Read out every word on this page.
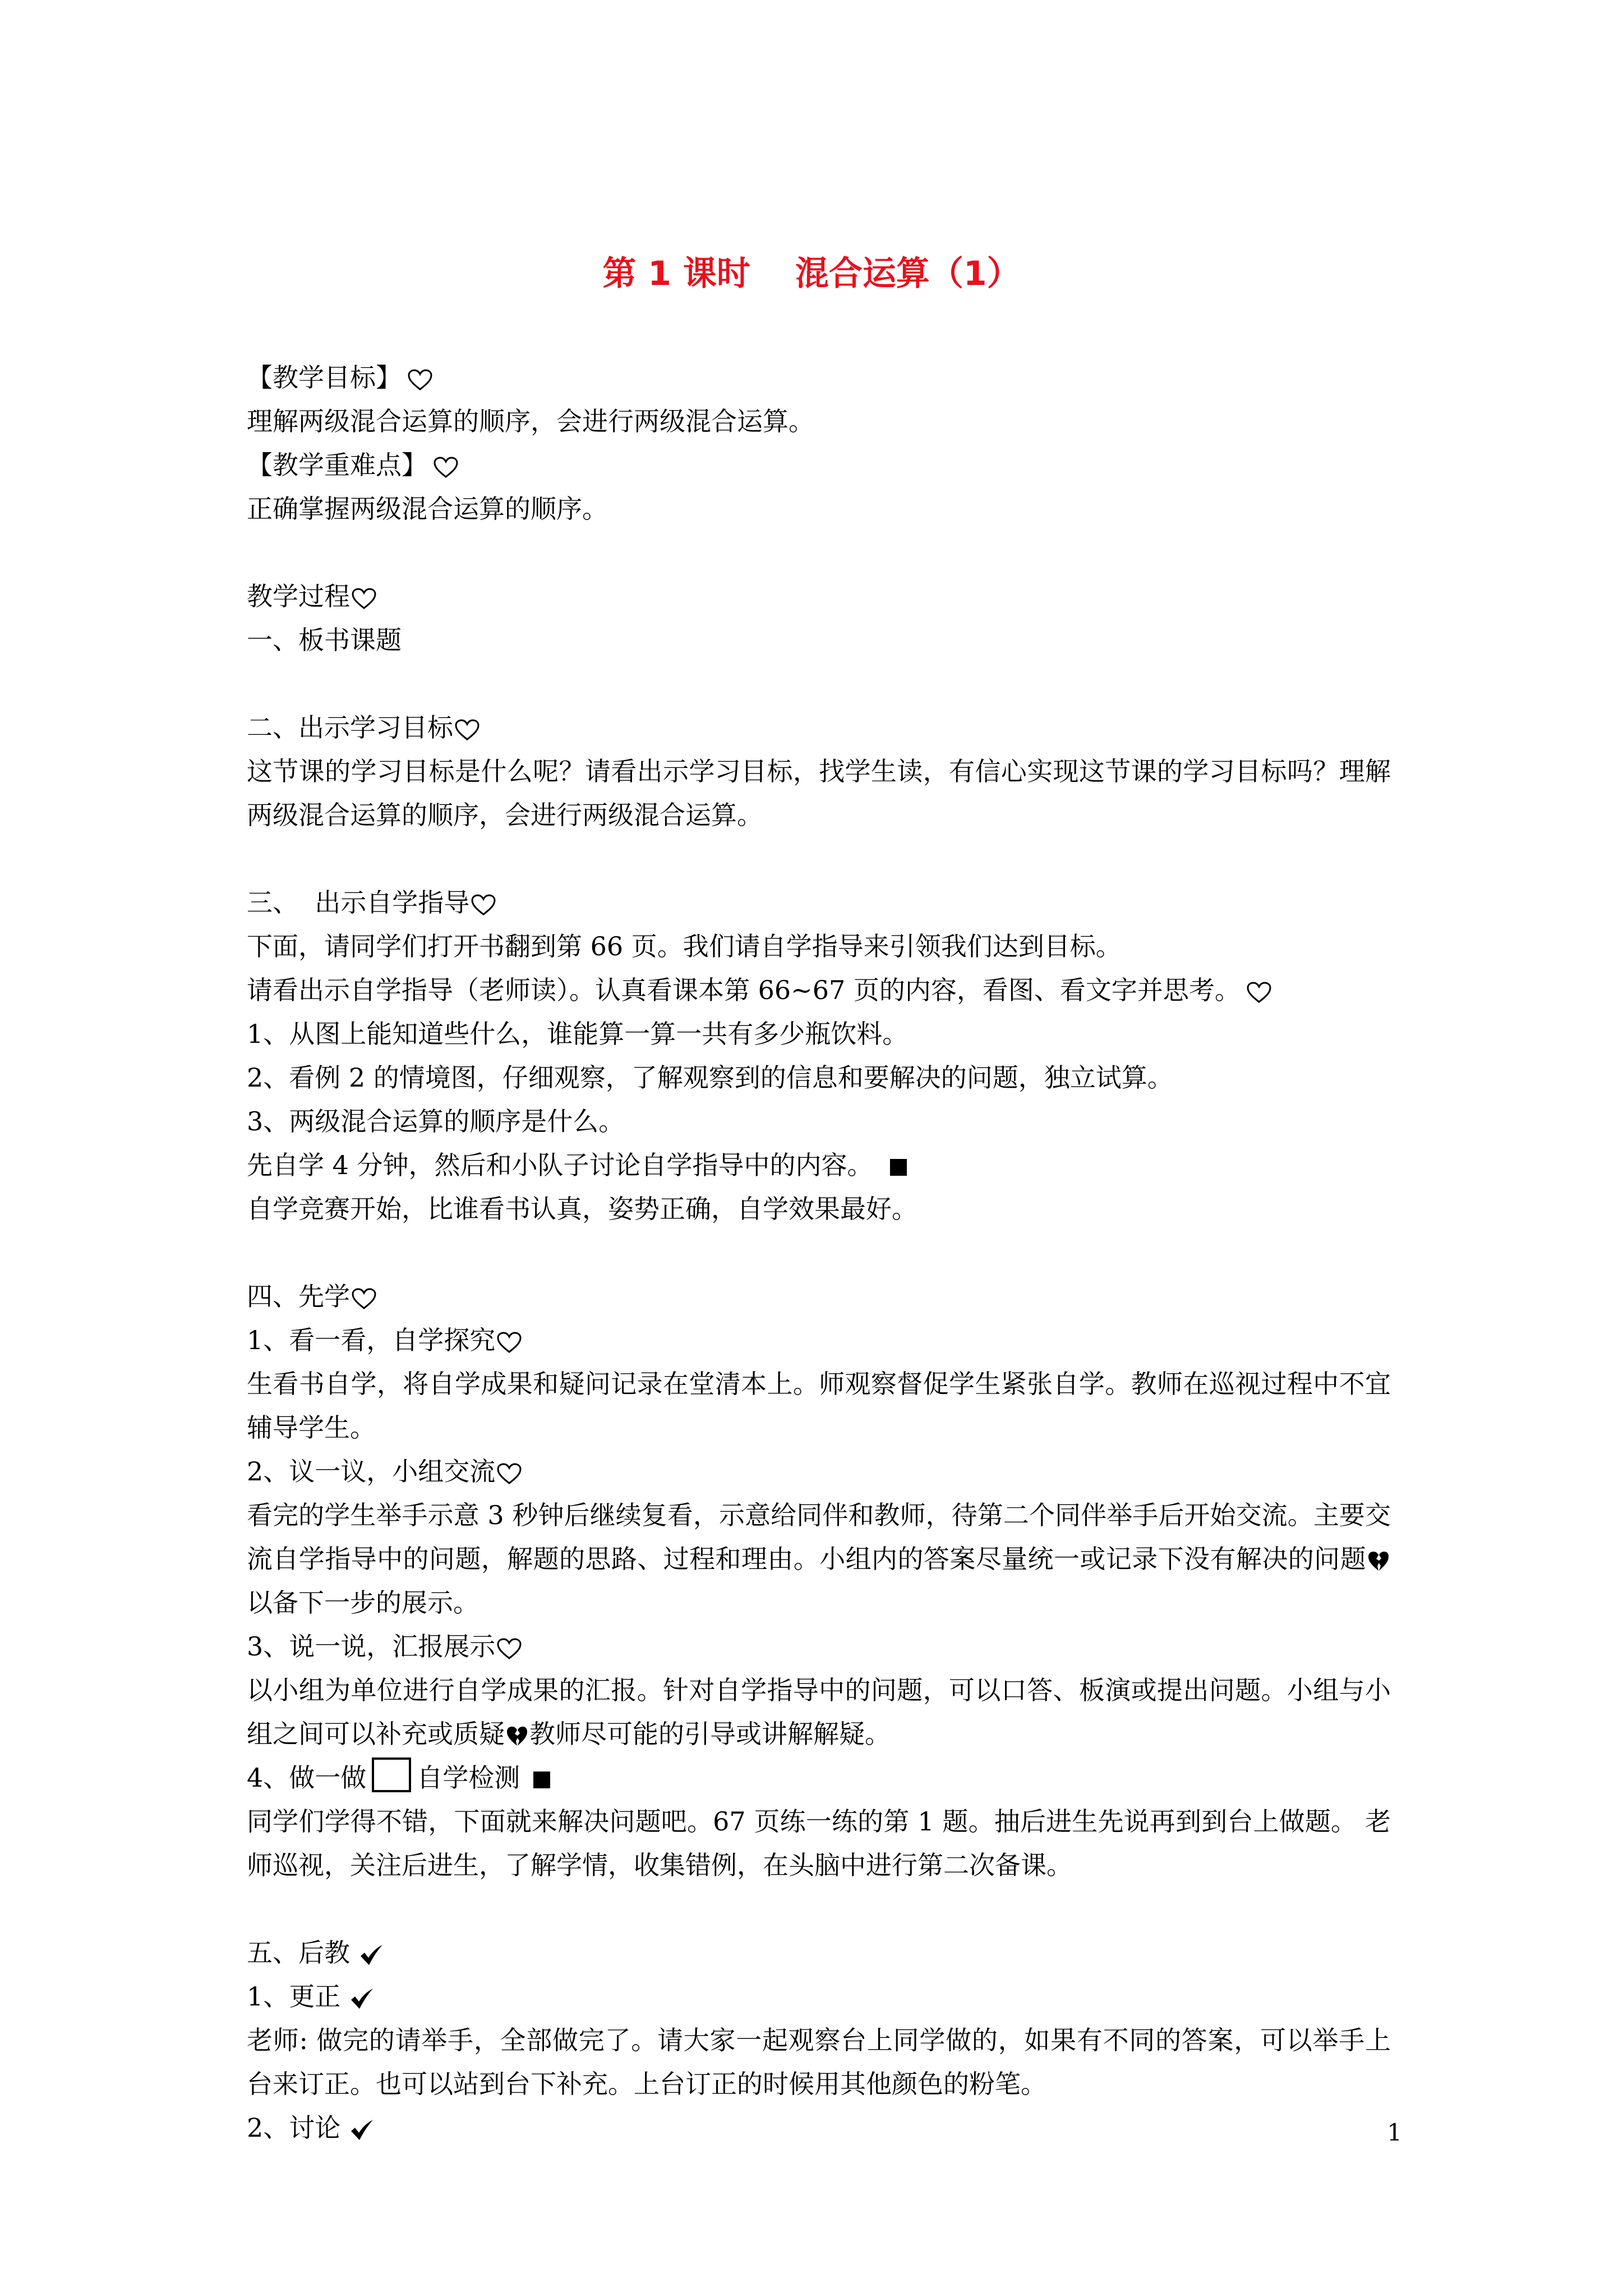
第 1 课时 混合运算（1）
【教学目标】
理解两级混合运算的顺序，会进行两级混合运算。
【教学重难点】
正确掌握两级混合运算的顺序。
教学过程
一、板书课题
二、出示学习目标

这节课的学习目标是什么呢？请看出示学习目标，找学生读，有信心实现这节课的学习目标吗？理解两级混合运算的顺序，会进行两级混合运算。

三、  出示自学指导
下面，请同学们打开书翻到第 66 页。我们请自学指导来引领我们达到目标。
请看出示自学指导（老师读）。认真看课本第 66~67 页的内容，看图、看文字并思考。
1、从图上能知道些什么，谁能算一算一共有多少瓶饮料。
2、看例 2 的情境图，仔细观察，了解观察到的信息和要解决的问题，独立试算。
3、两级混合运算的顺序是什么。
先自学 4 分钟，然后和小队子讨论自学指导中的内容。
自学竞赛开始，比谁看书认真，姿势正确，自学效果最好。
四、先学
1、看一看，自学探究

生看书自学，将自学成果和疑问记录在堂清本上。师观察督促学生紧张自学。教师在巡视过程中不宜辅导学生。

2、议一议，小组交流

看完的学生举手示意 3 秒钟后继续复看，示意给同伴和教师，待第二个同伴举手后开始交流。主要交流自学指导中的问题，解题的思路、过程和理由。小组内的答案尽量统一或记录下没有解决的问题
以备下一步的展示。

3、说一说，汇报展示

以小组为单位进行自学成果的汇报。针对自学指导中的问题，可以口答、板演或提出问题。小组与小组之间可以补充或质疑 教师尽可能的引导或讲解解疑。

4、做一做 自学检测

同学们学得不错，下面就来解决问题吧。67 页练一练的第 1 题。抽后进生先说再到到台上做题。 老师巡视，关注后进生，了解学情，收集错例，在头脑中进行第二次备课。

五、后教
1、更正

老师: 做完的请举手，全部做完了。请大家一起观察台上同学做的，如果有不同的答案，可以举手上台来订正。也可以站到台下补充。上台订正的时候用其他颜色的粉笔。

2、讨论	1
